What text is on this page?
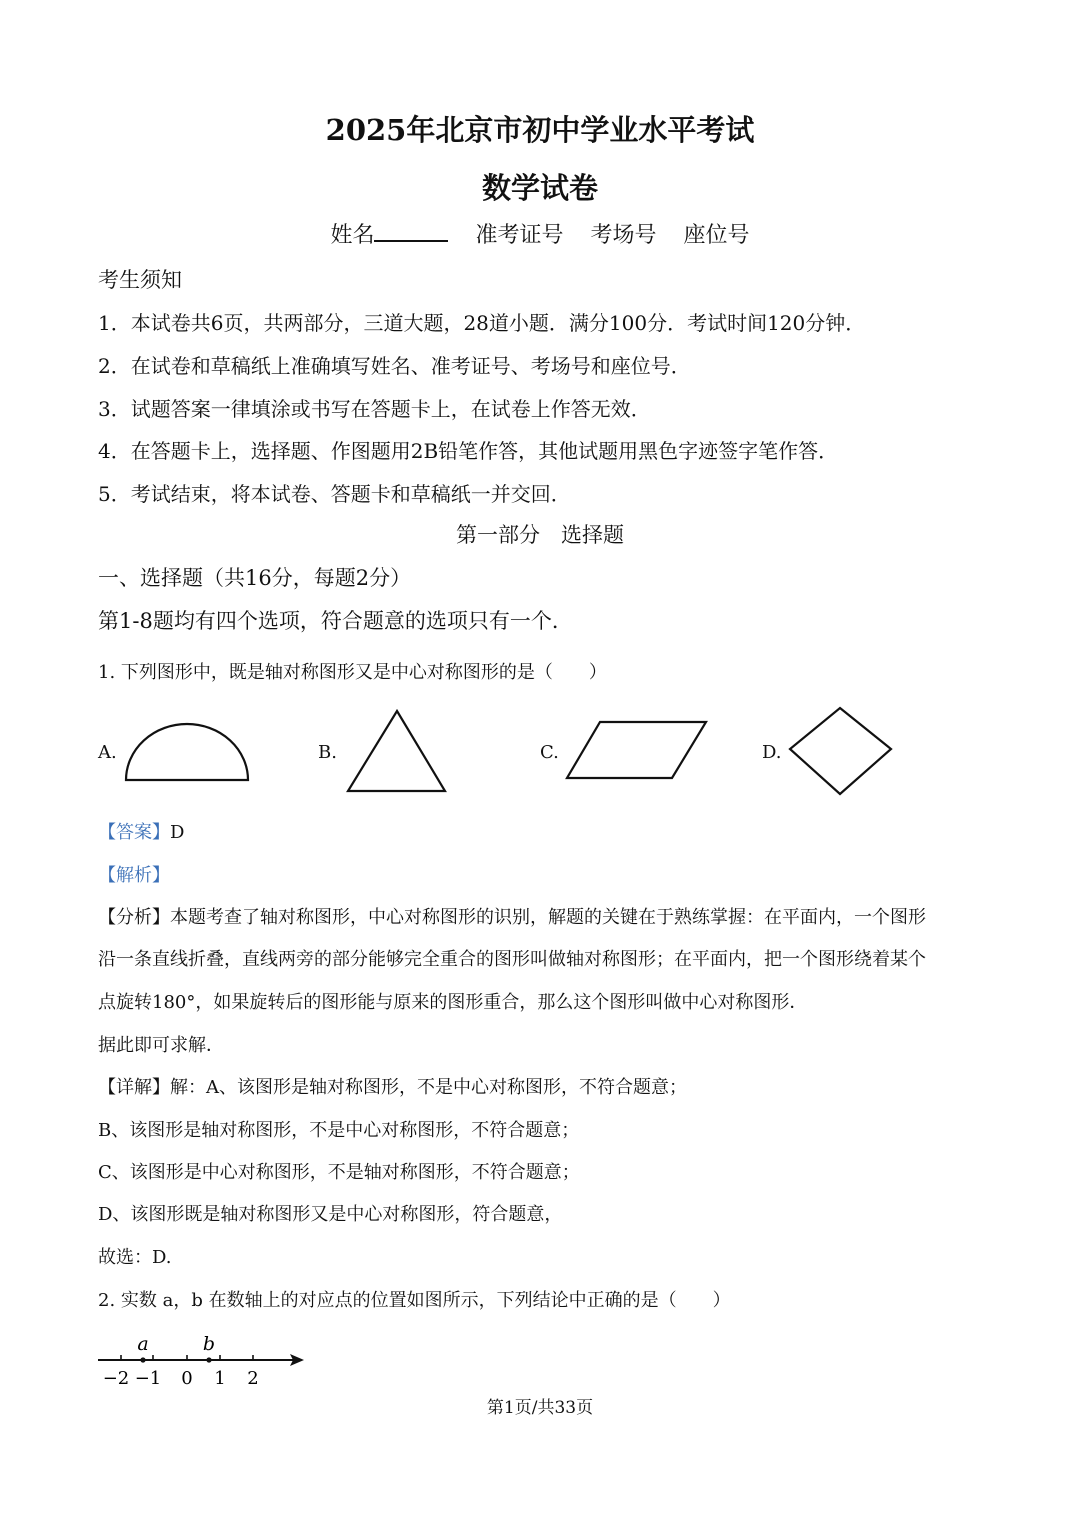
2025年北京市初中学业水平考试
数学试卷
姓名	准考证号 考场号 座位号
考生须知
1．本试卷共6页，共两部分，三道大题，28道小题．满分100分．考试时间120分钟．
2．在试卷和草稿纸上准确填写姓名、准考证号、考场号和座位号．
3．试题答案一律填涂或书写在答题卡上，在试卷上作答无效．
4．在答题卡上，选择题、作图题用2B铅笔作答，其他试题用黑色字迹签字笔作答．
5．考试结束，将本试卷、答题卡和草稿纸一并交回．
第一部分　选择题
一、选择题（共16分，每题2分）
第1-8题均有四个选项，符合题意的选项只有一个．
1. 下列图形中，既是轴对称图形又是中心对称图形的是（　　）
A.	B.	C.	D.
【答案】D
【解析】
【分析】本题考查了轴对称图形，中心对称图形的识别，解题的关键在于熟练掌握：在平面内，一个图形
沿一条直线折叠，直线两旁的部分能够完全重合的图形叫做轴对称图形；在平面内，把一个图形绕着某个
点旋转180°，如果旋转后的图形能与原来的图形重合，那么这个图形叫做中心对称图形．
据此即可求解．
【详解】解：A、该图形是轴对称图形，不是中心对称图形，不符合题意；
B、该图形是轴对称图形，不是中心对称图形，不符合题意；
C、该图形是中心对称图形，不是轴对称图形，不符合题意；
D、该图形既是轴对称图形又是中心对称图形，符合题意，
故选：D.
2. 实数 a，b 在数轴上的对应点的位置如图所示，下列结论中正确的是（　　）
a	b
−2 −1 0 1 2
第1页/共33页
